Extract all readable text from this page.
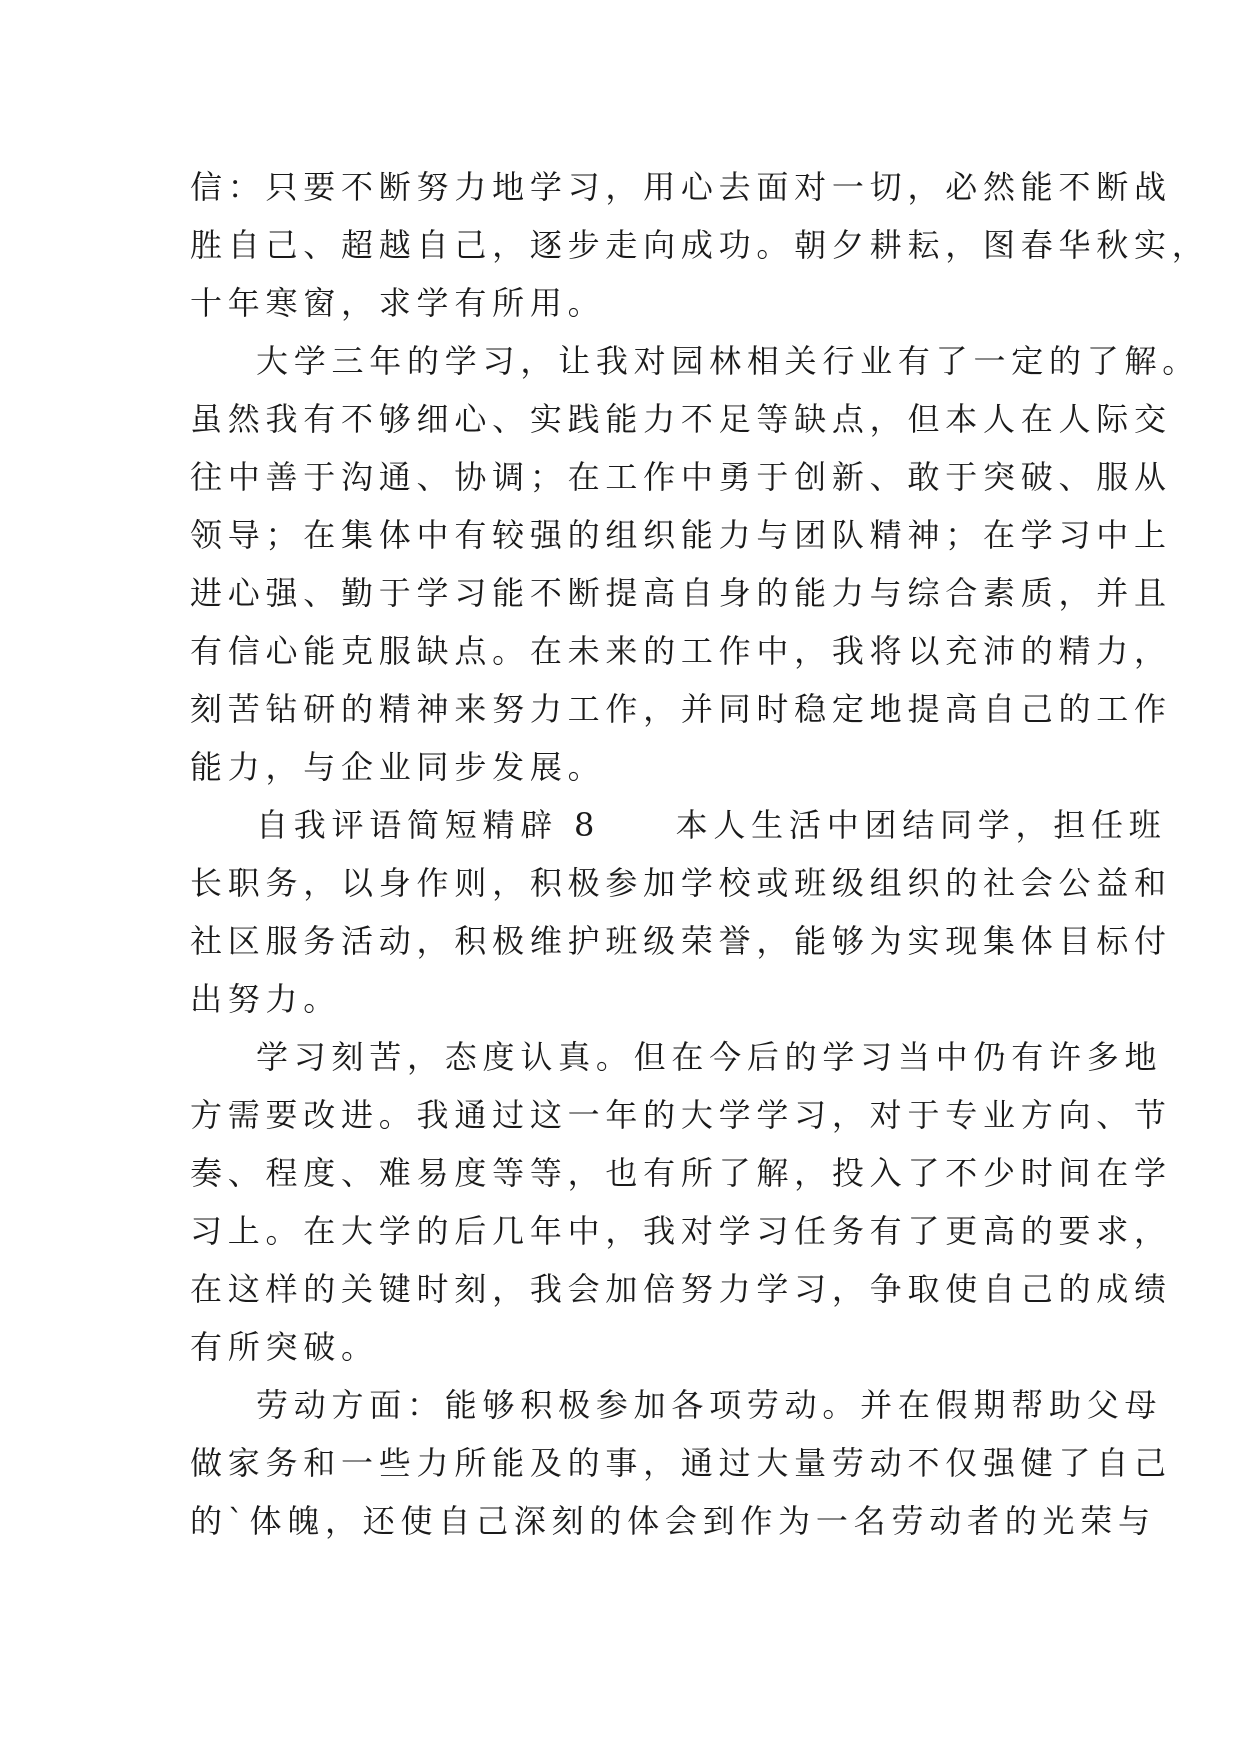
信：只要不断努力地学习，用心去面对一切，必然能不断战
胜自己、超越自己，逐步走向成功。朝夕耕耘，图春华秋实，
十年寒窗，求学有所用。
大学三年的学习，让我对园林相关行业有了一定的了解。
虽然我有不够细心、实践能力不足等缺点，但本人在人际交
往中善于沟通、协调；在工作中勇于创新、敢于突破、服从
领导；在集体中有较强的组织能力与团队精神；在学习中上
进心强、勤于学习能不断提高自身的能力与综合素质，并且
有信心能克服缺点。在未来的工作中，我将以充沛的精力，
刻苦钻研的精神来努力工作，并同时稳定地提高自己的工作
能力，与企业同步发展。
自我评语简短精辟 8　　本人生活中团结同学，担任班
长职务，以身作则，积极参加学校或班级组织的社会公益和
社区服务活动，积极维护班级荣誉，能够为实现集体目标付
出努力。
学习刻苦，态度认真。但在今后的学习当中仍有许多地
方需要改进。我通过这一年的大学学习，对于专业方向、节
奏、程度、难易度等等，也有所了解，投入了不少时间在学
习上。在大学的后几年中，我对学习任务有了更高的要求，
在这样的关键时刻，我会加倍努力学习，争取使自己的成绩
有所突破。
劳动方面：能够积极参加各项劳动。并在假期帮助父母
做家务和一些力所能及的事，通过大量劳动不仅强健了自己
的`体魄，还使自己深刻的体会到作为一名劳动者的光荣与
